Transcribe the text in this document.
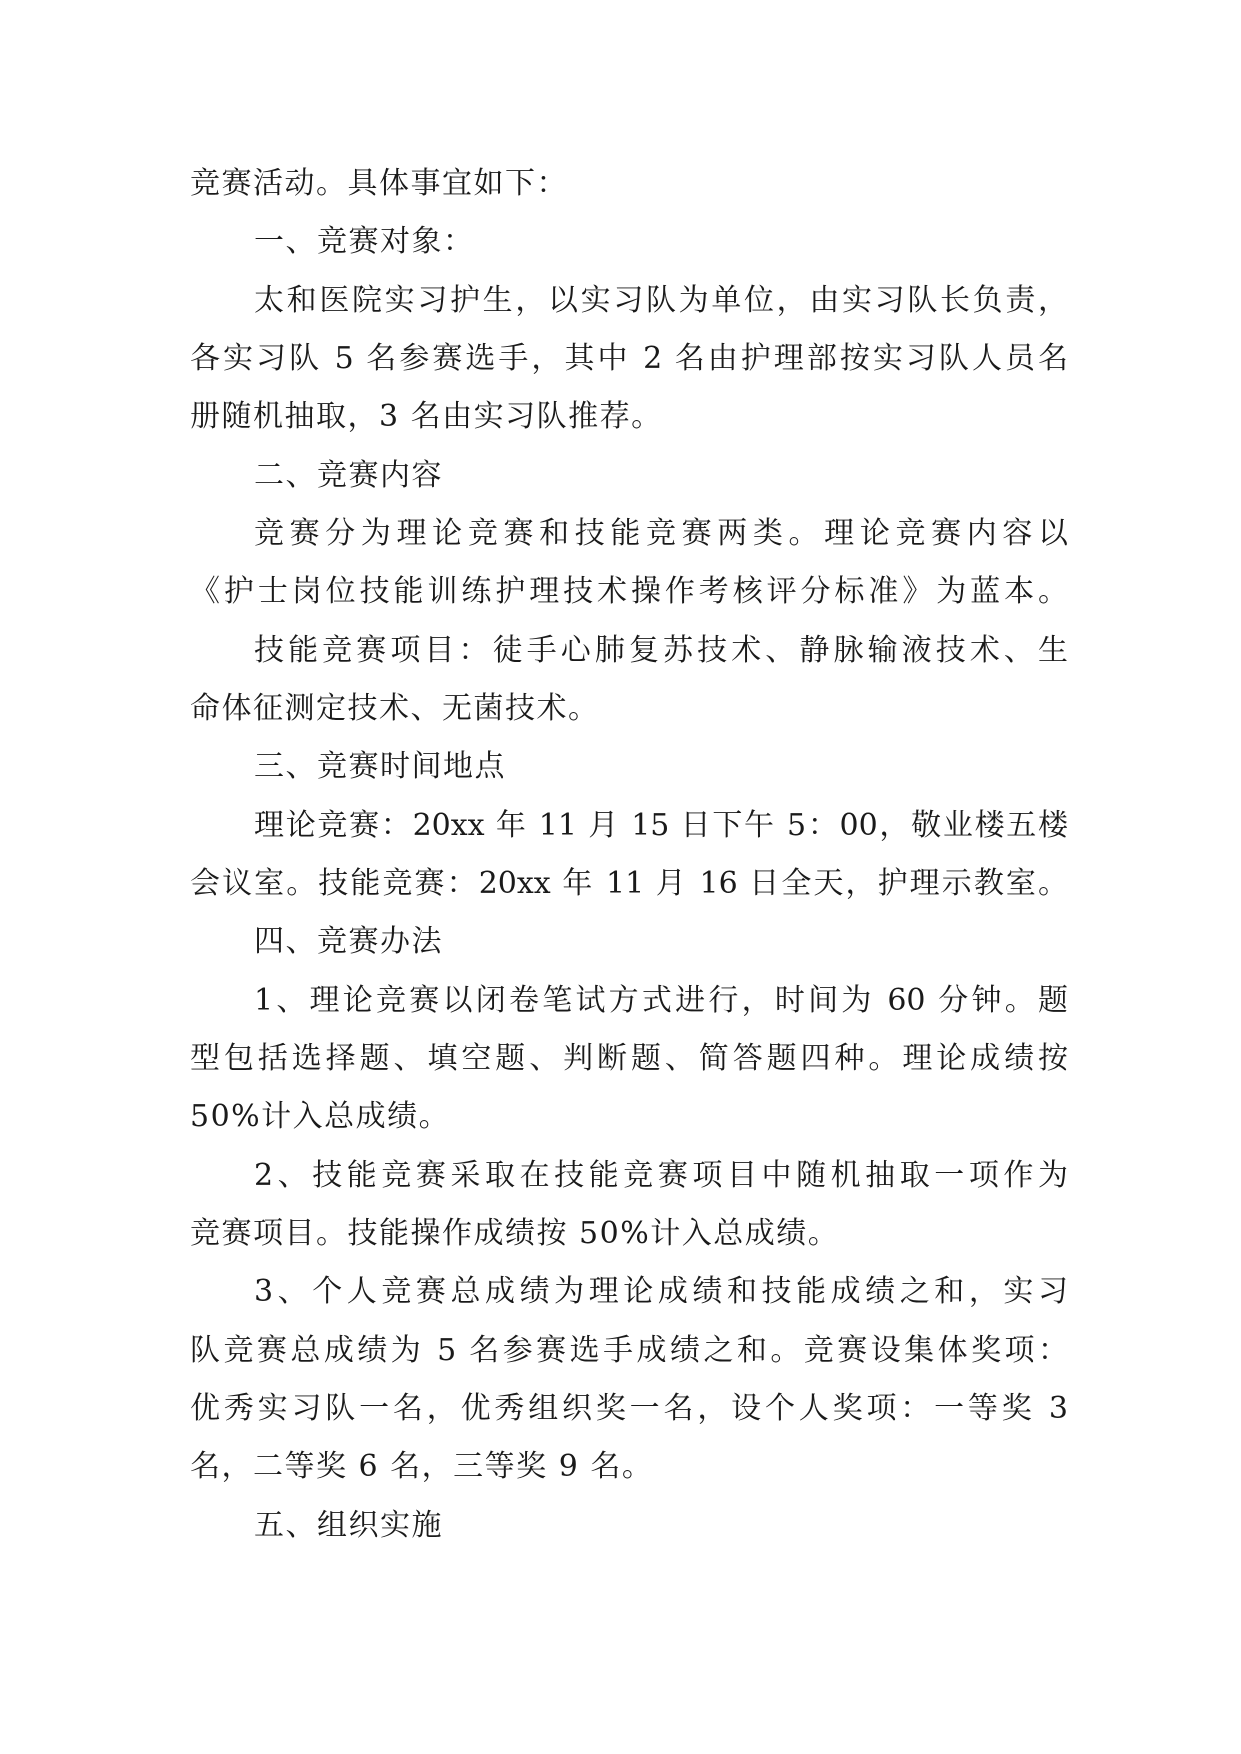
竞赛活动。具体事宜如下：
一、竞赛对象：
太和医院实习护生，以实习队为单位，由实习队长负责，
各实习队 5 名参赛选手，其中 2 名由护理部按实习队人员名
册随机抽取，3 名由实习队推荐。
二、竞赛内容
竞赛分为理论竞赛和技能竞赛两类。理论竞赛内容以
《护士岗位技能训练护理技术操作考核评分标准》为蓝本。
技能竞赛项目：徒手心肺复苏技术、静脉输液技术、生
命体征测定技术、无菌技术。
三、竞赛时间地点
理论竞赛：20xx 年 11 月 15 日下午 5：00，敬业楼五楼
会议室。技能竞赛：20xx 年 11 月 16 日全天，护理示教室。
四、竞赛办法
1、理论竞赛以闭卷笔试方式进行，时间为 60 分钟。题
型包括选择题、填空题、判断题、简答题四种。理论成绩按
50%计入总成绩。
2、技能竞赛采取在技能竞赛项目中随机抽取一项作为
竞赛项目。技能操作成绩按 50%计入总成绩。
3、个人竞赛总成绩为理论成绩和技能成绩之和，实习
队竞赛总成绩为 5 名参赛选手成绩之和。竞赛设集体奖项：
优秀实习队一名，优秀组织奖一名，设个人奖项：一等奖 3
名，二等奖 6 名，三等奖 9 名。
五、组织实施
